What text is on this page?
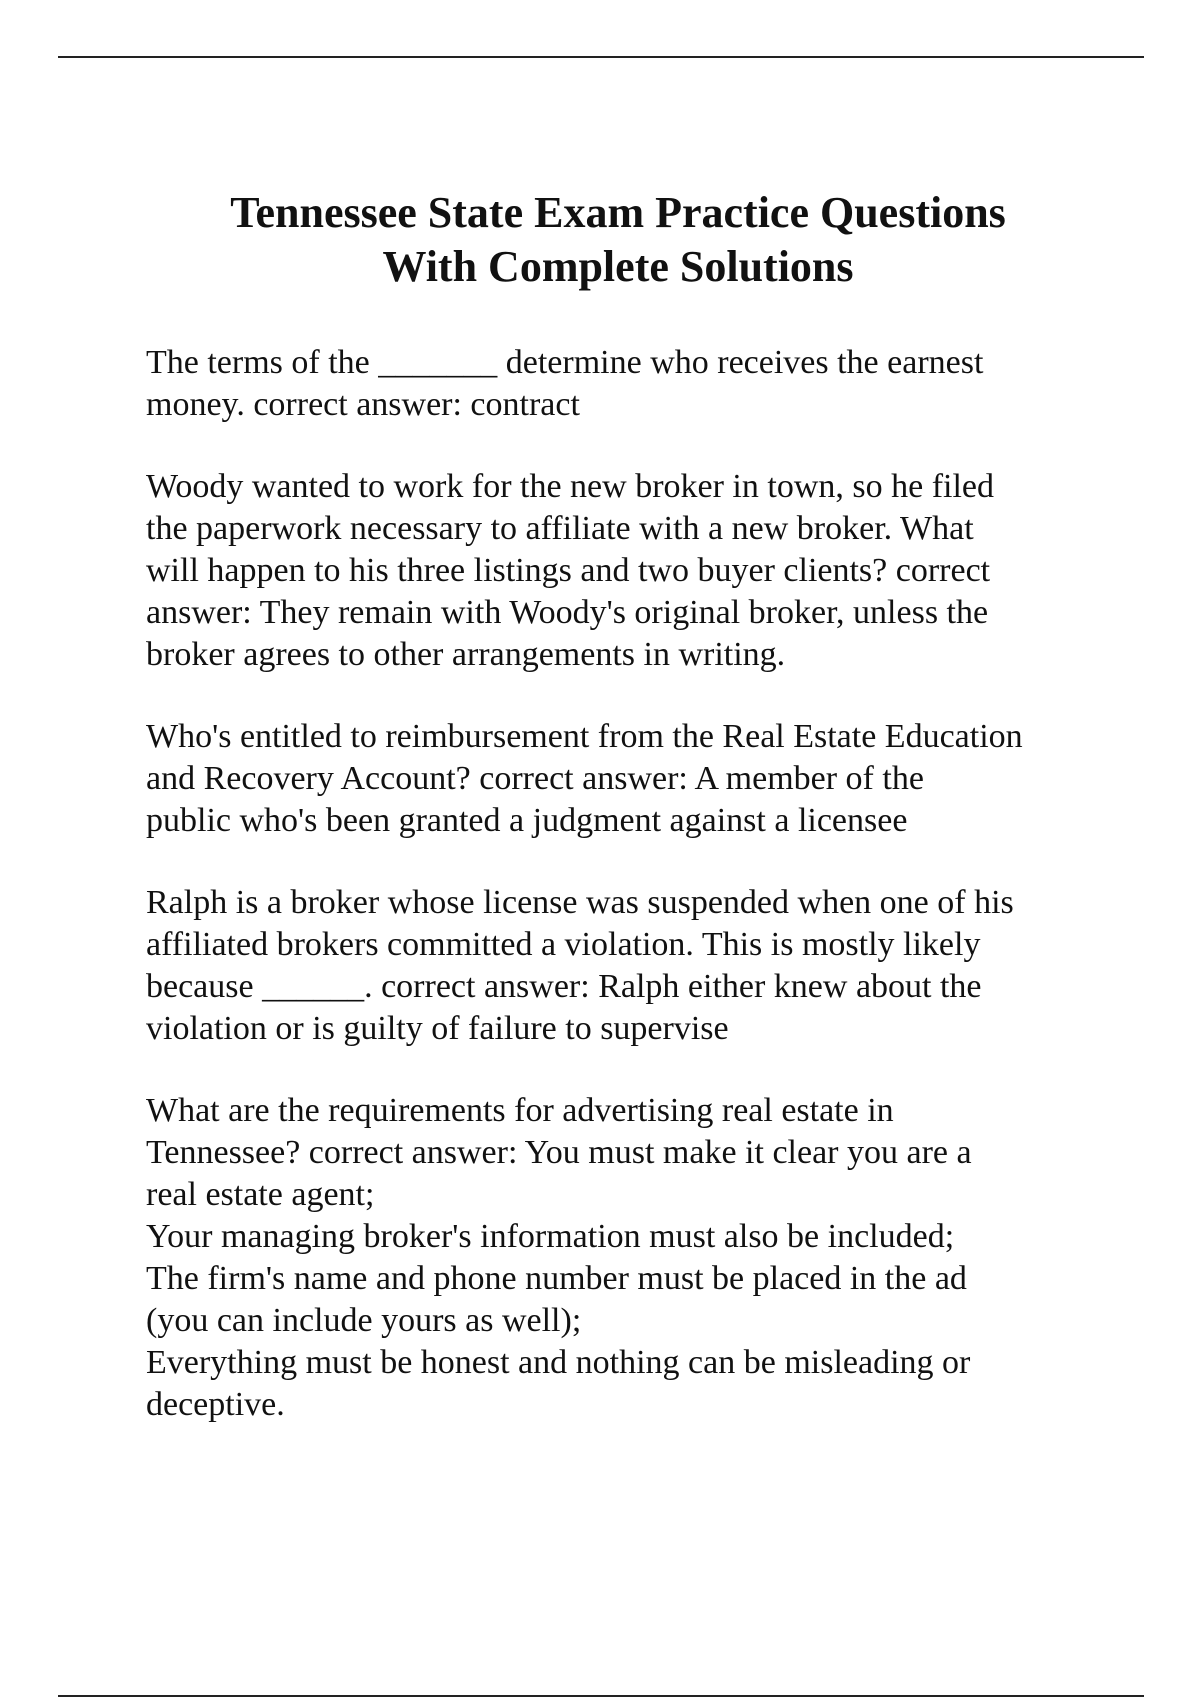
Tennessee State Exam Practice Questions
With Complete Solutions

The terms of the _______ determine who receives the earnest
money. correct answer: contract

Woody wanted to work for the new broker in town, so he filed
the paperwork necessary to affiliate with a new broker. What
will happen to his three listings and two buyer clients? correct
answer: They remain with Woody's original broker, unless the
broker agrees to other arrangements in writing.

Who's entitled to reimbursement from the Real Estate Education
and Recovery Account? correct answer: A member of the
public who's been granted a judgment against a licensee

Ralph is a broker whose license was suspended when one of his
affiliated brokers committed a violation. This is mostly likely
because ______. correct answer: Ralph either knew about the
violation or is guilty of failure to supervise

What are the requirements for advertising real estate in
Tennessee? correct answer: You must make it clear you are a
real estate agent;
Your managing broker's information must also be included;
The firm's name and phone number must be placed in the ad
(you can include yours as well);
Everything must be honest and nothing can be misleading or
deceptive.
